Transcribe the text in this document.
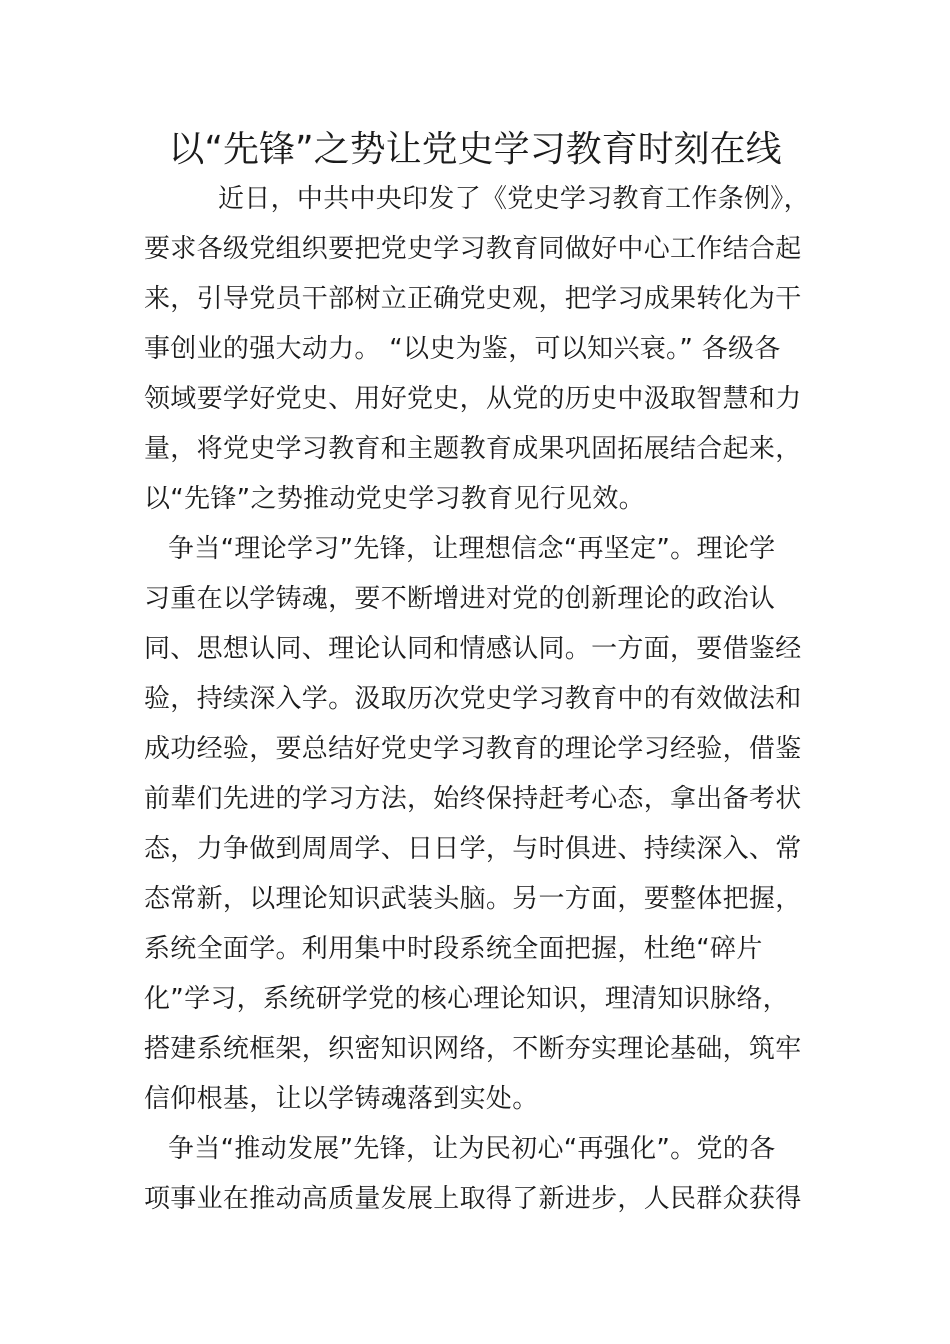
以“先锋”之势让党史学习教育时刻在线
近日，中共中央印发了《党史学习教育工作条例》，
要求各级党组织要把党史学习教育同做好中心工作结合起
来，引导党员干部树立正确党史观，把学习成果转化为干
事创业的强大动力。 “以史为鉴，可以知兴衰。” 各级各
领域要学好党史、用好党史，从党的历史中汲取智慧和力
量，将党史学习教育和主题教育成果巩固拓展结合起来，
以“先锋”之势推动党史学习教育见行见效。
争当“理论学习”先锋，让理想信念“再坚定”。理论学
习重在以学铸魂，要不断增进对党的创新理论的政治认
同、思想认同、理论认同和情感认同。一方面，要借鉴经
验，持续深入学。汲取历次党史学习教育中的有效做法和
成功经验，要总结好党史学习教育的理论学习经验，借鉴
前辈们先进的学习方法，始终保持赶考心态，拿出备考状
态，力争做到周周学、日日学，与时俱进、持续深入、常
态常新，以理论知识武装头脑。另一方面，要整体把握，
系统全面学。利用集中时段系统全面把握，杜绝“碎片
化”学习，系统研学党的核心理论知识，理清知识脉络，
搭建系统框架，织密知识网络，不断夯实理论基础，筑牢
信仰根基，让以学铸魂落到实处。
争当“推动发展”先锋，让为民初心“再强化”。党的各
项事业在推动高质量发展上取得了新进步，人民群众获得
